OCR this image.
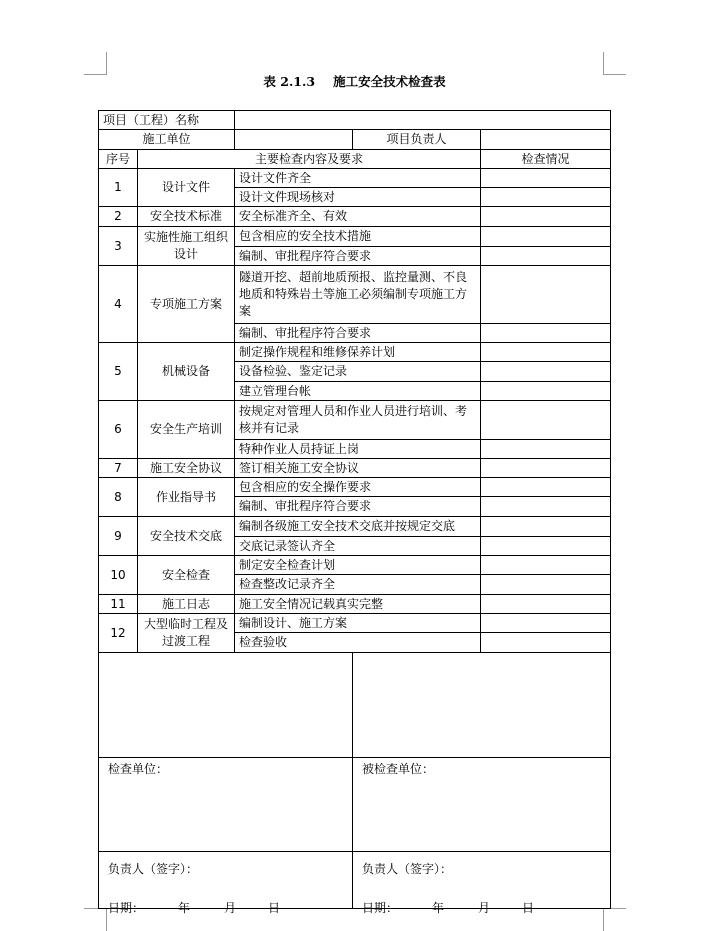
表 2.1.3 施工安全技术检查表
项目（工程）名称				
施工单位			项目负责人	
序号	主要检查内容及要求			检查情况
1	设计文件	设计文件齐全		
		设计文件现场核对		
2	安全技术标准	安全标准齐全、有效		
3	实施性施工组织设计	包含相应的安全技术措施		
		编制、审批程序符合要求		
4	专项施工方案	隧道开挖、超前地质预报、监控量测、不良地质和特殊岩土等施工必须编制专项施工方案		
		编制、审批程序符合要求		
5	机械设备	制定操作规程和维修保养计划		
		设备检验、鉴定记录		
		建立管理台帐		
6	安全生产培训	按规定对管理人员和作业人员进行培训、考核并有记录		
		特种作业人员持证上岗		
7	施工安全协议	签订相关施工安全协议		
8	作业指导书	包含相应的安全操作要求		
		编制、审批程序符合要求		
9	安全技术交底	编制各级施工安全技术交底并按规定交底		
		交底记录签认齐全		
10	安全检查	制定安全检查计划		
		检查整改记录齐全		
11	施工日志	施工安全情况记载真实完整		
12	大型临时工程及过渡工程	编制设计、施工方案		
		检查验收		

检查单位：			被检查单位：	

负责人（签字）：			负责人（签字）：	

日期： 年 月 日			日期： 年 月 日	
